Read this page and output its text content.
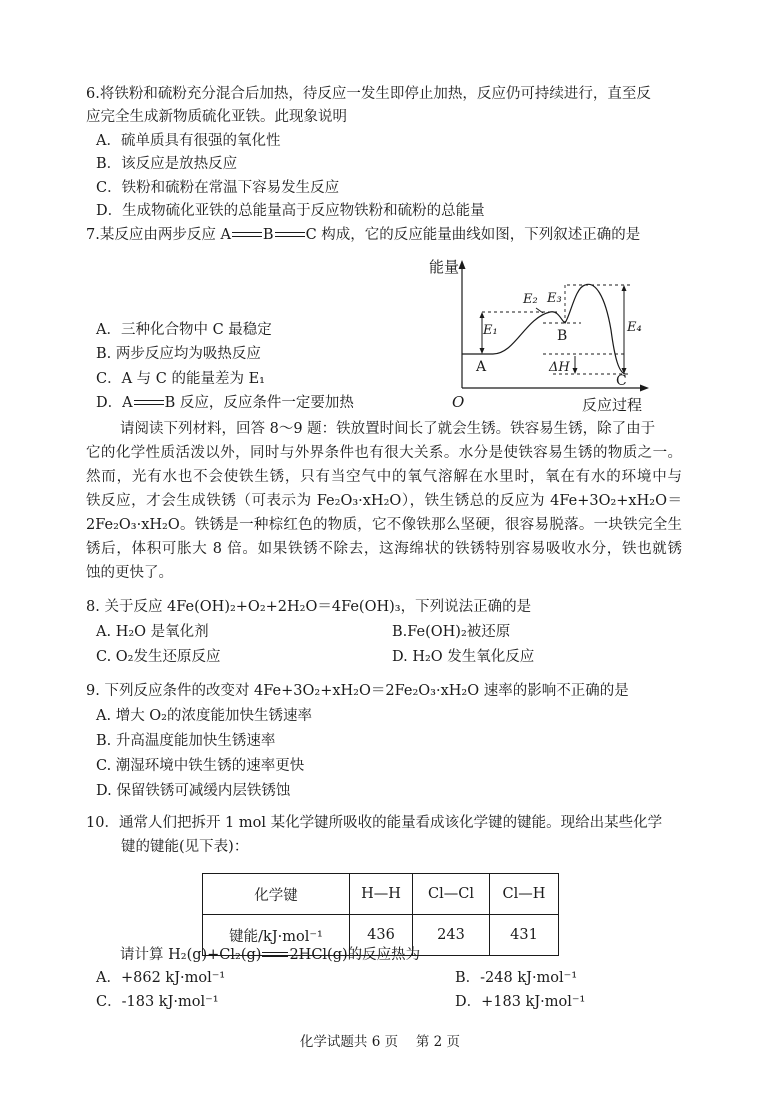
6.将铁粉和硫粉充分混合后加热，待反应一发生即停止加热，反应仍可持续进行，直至反
应完全生成新物质硫化亚铁。此现象说明
A．硫单质具有很强的氧化性
B．该反应是放热反应
C．铁粉和硫粉在常温下容易发生反应
D．生成物硫化亚铁的总能量高于反应物铁粉和硫粉的总能量
7.某反应由两步反应 A B C 构成，它的反应能量曲线如图，下列叙述正确的是
A．三种化合物中 C 最稳定
B. 两步反应均为吸热反应
C．A 与 C 的能量差为 E₁
D．A B 反应，反应条件一定要加热
能量
O	反应过程
A
B
C
E₁
E₂ E₃
E₄
ΔH
请阅读下列材料，回答 8～9 题：铁放置时间长了就会生锈。铁容易生锈，除了由于
它的化学性质活泼以外，同时与外界条件也有很大关系。水分是使铁容易生锈的物质之一。
然而，光有水也不会使铁生锈，只有当空气中的氧气溶解在水里时，氧在有水的环境中与
铁反应，才会生成铁锈（可表示为 Fe₂O₃·xH₂O），铁生锈总的反应为 4Fe+3O₂+xH₂O＝
2Fe₂O₃·xH₂O。铁锈是一种棕红色的物质，它不像铁那么坚硬，很容易脱落。一块铁完全生
锈后，体积可胀大 8 倍。如果铁锈不除去，这海绵状的铁锈特别容易吸收水分，铁也就锈
蚀的更快了。
8. 关于反应 4Fe(OH)₂+O₂+2H₂O＝4Fe(OH)₃，下列说法正确的是
A. H₂O 是氧化剂	B.Fe(OH)₂被还原
C. O₂发生还原反应	D. H₂O 发生氧化反应
9. 下列反应条件的改变对 4Fe+3O₂+xH₂O＝2Fe₂O₃·xH₂O 速率的影响不正确的是
A. 增大 O₂的浓度能加快生锈速率
B. 升高温度能加快生锈速率
C. 潮湿环境中铁生锈的速率更快
D. 保留铁锈可减缓内层铁锈蚀
10．通常人们把拆开 1 mol 某化学键所吸收的能量看成该化学键的键能。现给出某些化学
键的键能(见下表)：
化学键	H—H	Cl—Cl	Cl—H
键能/kJ·mol⁻¹	436	243	431
请计算 H₂(g)+Cl₂(g) 2HCl(g)的反应热为
A．+862 kJ·mol⁻¹	B．-248 kJ·mol⁻¹
C．-183 kJ·mol⁻¹	D．+183 kJ·mol⁻¹
化学试题共 6 页　 第 2 页
